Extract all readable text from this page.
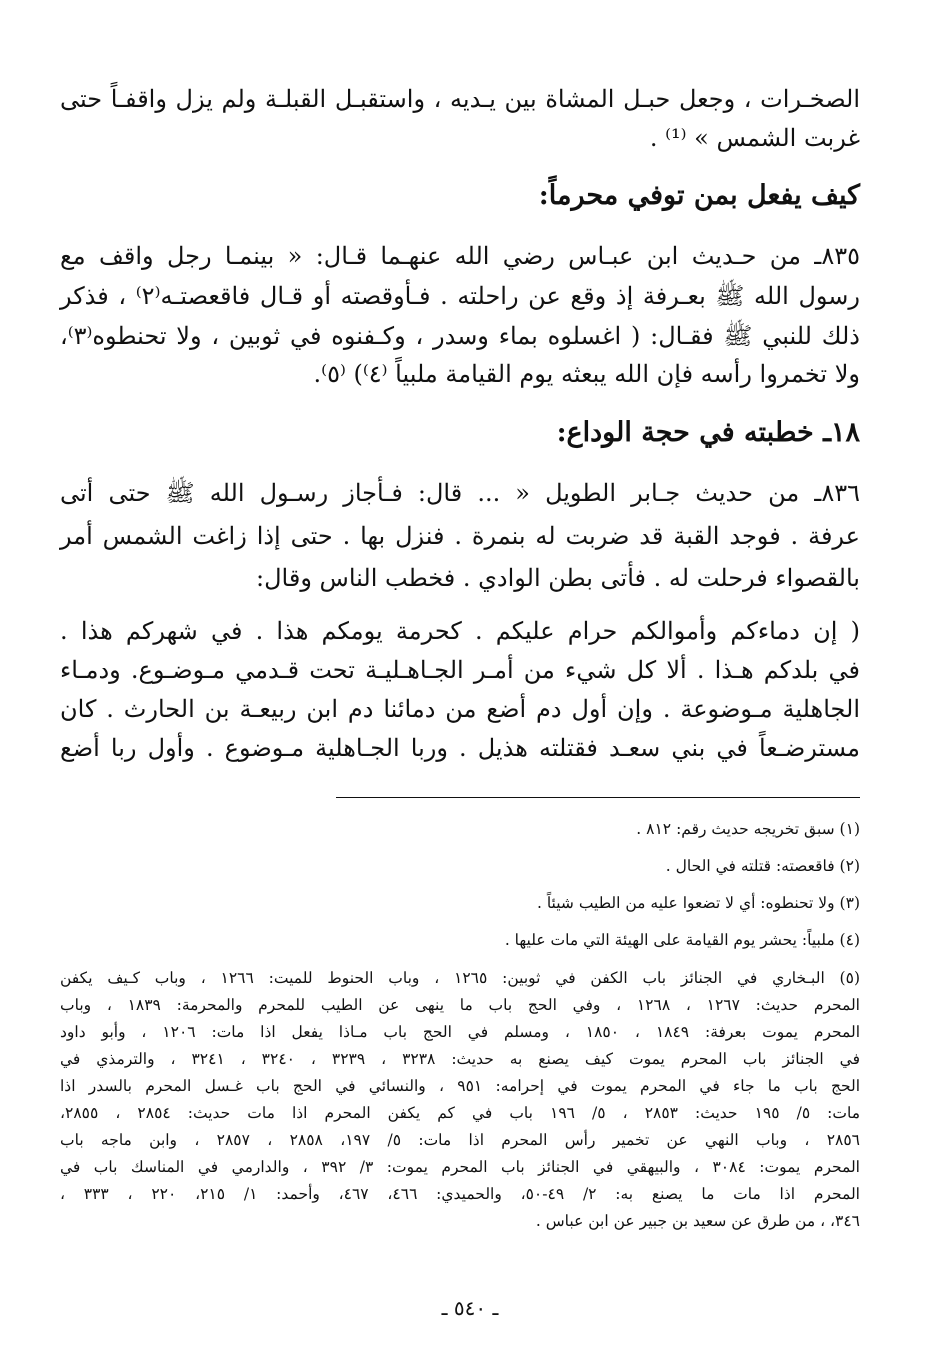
الصخـرات ، وجعل حبـل المشاة بين يـديه ، واستقبـل القبلـة ولم يزل واقفـاً حتى
غربت الشمس » ⁽¹⁾ .
كيف يفعل بمن توفي محرماً:
٨٣٥ـ من حـديث ابن عبـاس رضي الله عنهـما قـال: « بينمـا رجل واقف مع
رسول الله ﷺ بعـرفة إذ وقع عن راحلته . فـأوقصته أو قـال فاقعصتـه⁽٢⁾ ، فذكر
ذلك للنبي ﷺ فقـال: ( اغسلوه بماء وسدر ، وكـفنوه في ثوبين ، ولا تحنطوه⁽٣⁾،
ولا تخمروا رأسه فإن الله يبعثه يوم القيامة ملبياً ⁽٤⁾) ⁽٥⁾.
١٨ـ خطبته في حجة الوداع:
٨٣٦ـ من حديث جـابر الطويل « ... قال: فـأجاز رسـول الله ﷺ حتى أتى
عرفة . فوجد القبة قد ضربت له بنمرة . فنزل بها . حتى إذا زاغت الشمس أمر
بالقصواء فرحلت له . فأتى بطن الوادي . فخطب الناس وقال:
( إن دماءكم وأموالكم حرام عليكم . كحرمة يومكم هذا . في شهركم هذا .
في بلدكم هـذا . ألا كل شيء من أمـر الجـاهـليـة تحت قـدمي مـوضـوع. ودمـاء
الجاهلية مـوضوعة . وإن أول دم أضع من دمائنا دم ابن ربيعـة بن الحارث . كان
مسترضـعاً في بني سعـد فقتلته هذيل . وربا الجـاهلية مـوضوع . وأول ربا أضع
(١) سبق تخريجه حديث رقم: ٨١٢ .
(٢) فاقعصته: قتلته في الحال .
(٣) ولا تحنطوه: أي لا تضعوا عليه من الطيب شيئاً .
(٤) ملبياً: يحشر يوم القيامة على الهيئة التي مات عليها .
(٥) البـخاري في الجنائز باب الكفن في ثوبين: ١٢٦٥ ، وباب الحنوط للميت: ١٢٦٦ ، وباب كـيف يكفن
المحرم حديث: ١٢٦٧ ، ١٢٦٨ ، وفي الحج باب ما ينهى عن الطيب للمحرم والمحرمة: ١٨٣٩ ، وباب
المحرم يموت بعرفة: ١٨٤٩ ، ١٨٥٠ ، ومسلم في الحج باب مـاذا يفعل اذا مات: ١٢٠٦ ، وأبو داود
في الجنائز باب المحرم يموت كيف يصنع به حديث: ٣٢٣٨ ، ٣٢٣٩ ، ٣٢٤٠ ، ٣٢٤١ ، والترمذي في
الحج باب ما جاء في المحرم يموت في إحرامه: ٩٥١ ، والنسائي في الحج باب غـسل المحرم بالسدر اذا
مات: ٥/ ١٩٥ حديث: ٢٨٥٣ ، ٥/ ١٩٦ باب في كم يكفن المحرم اذا مات حديث: ٢٨٥٤ ، ٢٨٥٥،
٢٨٥٦ ، وباب النهي عن تخمير رأس المحرم اذا مات: ٥/ ١٩٧، ٢٨٥٨ ، ٢٨٥٧ ، وابن ماجه باب
المحرم يموت: ٣٠٨٤ ، والبيهقي في الجنائز باب المحرم يموت: ٣/ ٣٩٢ ، والدارمي في المناسك باب في
المحرم اذا مات ما يصنع به: ٢/ ٤٩-٥٠، والحميدي: ٤٦٦، ٤٦٧، وأحمد: ١/ ٢١٥، ٢٢٠ ، ٣٣٣ ،
٣٤٦، ، من طرق عن سعيد بن جبير عن ابن عباس .
ـ ٥٤٠ ـ
